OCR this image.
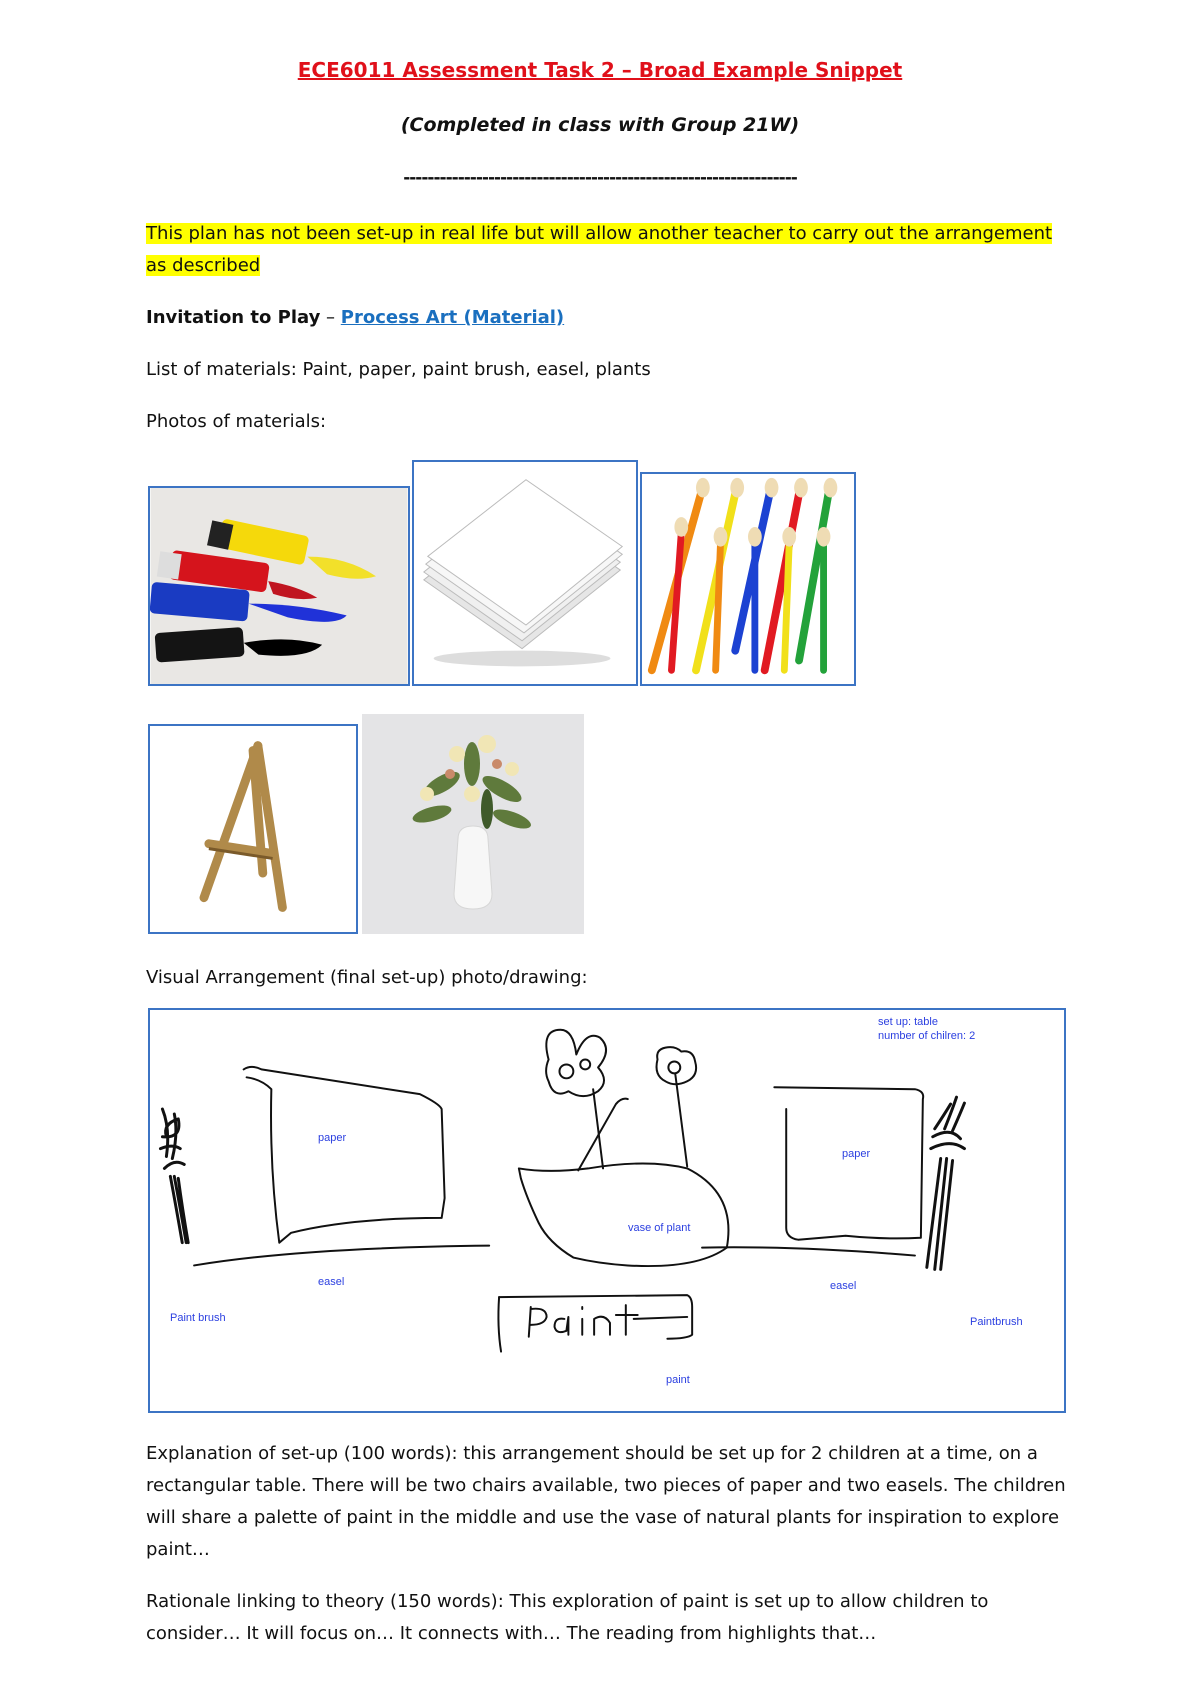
ECE6011 Assessment Task 2 – Broad Example Snippet
(Completed in class with Group 21W)
-----------------------------------------------------------------
This plan has not been set-up in real life but will allow another teacher to carry out the arrangement as described
Invitation to Play – Process Art (Material)
List of materials: Paint, paper, paint brush, easel, plants
Photos of materials:
Visual Arrangement (final set-up) photo/drawing:
set up: table
number of chilren: 2
paper
paper
vase of plant
easel	easel
Paint brush	Paintbrush
paint
Explanation of set-up (100 words): this arrangement should be set up for 2 children at a time, on a rectangular table. There will be two chairs available, two pieces of paper and two easels. The children will share a palette of paint in the middle and use the vase of natural plants for inspiration to explore paint…
Rationale linking to theory (150 words): This exploration of paint is set up to allow children to consider… It will focus on… It connects with… The reading from highlights that…
